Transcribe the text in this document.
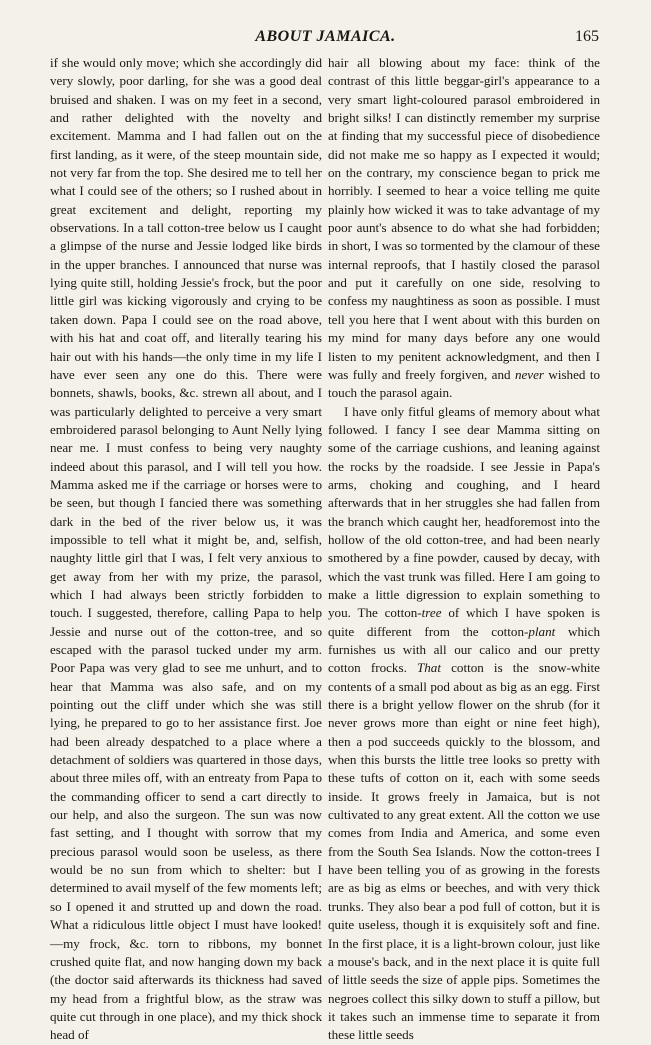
ABOUT JAMAICA.	165

if she would only move; which she accordingly did very slowly, poor darling, for she was a good deal bruised and shaken. I was on my feet in a second, and rather delighted with the novelty and excitement. Mamma and I had fallen out on the first landing, as it were, of the steep mountain side, not very far from the top. She desired me to tell her what I could see of the others; so I rushed about in great excitement and delight, reporting my observations. In a tall cotton-tree below us I caught a glimpse of the nurse and Jessie lodged like birds in the upper branches. I announced that nurse was lying quite still, holding Jessie's frock, but the poor little girl was kicking vigorously and crying to be taken down. Papa I could see on the road above, with his hat and coat off, and literally tearing his hair out with his hands—the only time in my life I have ever seen any one do this. There were bonnets, shawls, books, &c. strewn all about, and I was particularly delighted to perceive a very smart embroidered parasol belonging to Aunt Nelly lying near me. I must confess to being very naughty indeed about this parasol, and I will tell you how. Mamma asked me if the carriage or horses were to be seen, but though I fancied there was something dark in the bed of the river below us, it was impossible to tell what it might be, and, selfish, naughty little girl that I was, I felt very anxious to get away from her with my prize, the parasol, which I had always been strictly forbidden to touch. I suggested, therefore, calling Papa to help Jessie and nurse out of the cotton-tree, and so escaped with the parasol tucked under my arm. Poor Papa was very glad to see me unhurt, and to hear that Mamma was also safe, and on my pointing out the cliff under which she was still lying, he prepared to go to her assistance first. Joe had been already despatched to a place where a detachment of soldiers was quartered in those days, about three miles off, with an entreaty from Papa to the commanding officer to send a cart directly to our help, and also the surgeon. The sun was now fast setting, and I thought with sorrow that my precious parasol would soon be useless, as there would be no sun from which to shelter: but I determined to avail myself of the few moments left; so I opened it and strutted up and down the road. What a ridiculous little object I must have looked!—my frock, &c. torn to ribbons, my bonnet crushed quite flat, and now hanging down my back (the doctor said afterwards its thickness had saved my head from a frightful blow, as the straw was quite cut through in one place), and my thick shock head of

hair all blowing about my face: think of the contrast of this little beggar-girl's appearance to a very smart light-coloured parasol embroidered in bright silks! I can distinctly remember my surprise at finding that my successful piece of disobedience did not make me so happy as I expected it would; on the contrary, my conscience began to prick me horribly. I seemed to hear a voice telling me quite plainly how wicked it was to take advantage of my poor aunt's absence to do what she had forbidden; in short, I was so tormented by the clamour of these internal reproofs, that I hastily closed the parasol and put it carefully on one side, resolving to confess my naughtiness as soon as possible. I must tell you here that I went about with this burden on my mind for many days before any one would listen to my penitent acknowledgment, and then I was fully and freely forgiven, and never wished to touch the parasol again.

I have only fitful gleams of memory about what followed. I fancy I see dear Mamma sitting on some of the carriage cushions, and leaning against the rocks by the roadside. I see Jessie in Papa's arms, choking and coughing, and I heard afterwards that in her struggles she had fallen from the branch which caught her, headforemost into the hollow of the old cotton-tree, and had been nearly smothered by a fine powder, caused by decay, with which the vast trunk was filled. Here I am going to make a little digression to explain something to you. The cotton-tree of which I have spoken is quite different from the cotton-plant which furnishes us with all our calico and our pretty cotton frocks. That cotton is the snow-white contents of a small pod about as big as an egg. First there is a bright yellow flower on the shrub (for it never grows more than eight or nine feet high), then a pod succeeds quickly to the blossom, and when this bursts the little tree looks so pretty with these tufts of cotton on it, each with some seeds inside. It grows freely in Jamaica, but is not cultivated to any great extent. All the cotton we use comes from India and America, and some even from the South Sea Islands. Now the cotton-trees I have been telling you of as growing in the forests are as big as elms or beeches, and with very thick trunks. They also bear a pod full of cotton, but it is quite useless, though it is exquisitely soft and fine. In the first place, it is a light-brown colour, just like a mouse's back, and in the next place it is quite full of little seeds the size of apple pips. Sometimes the negroes collect this silky down to stuff a pillow, but it takes such an immense time to separate it from these little seeds
